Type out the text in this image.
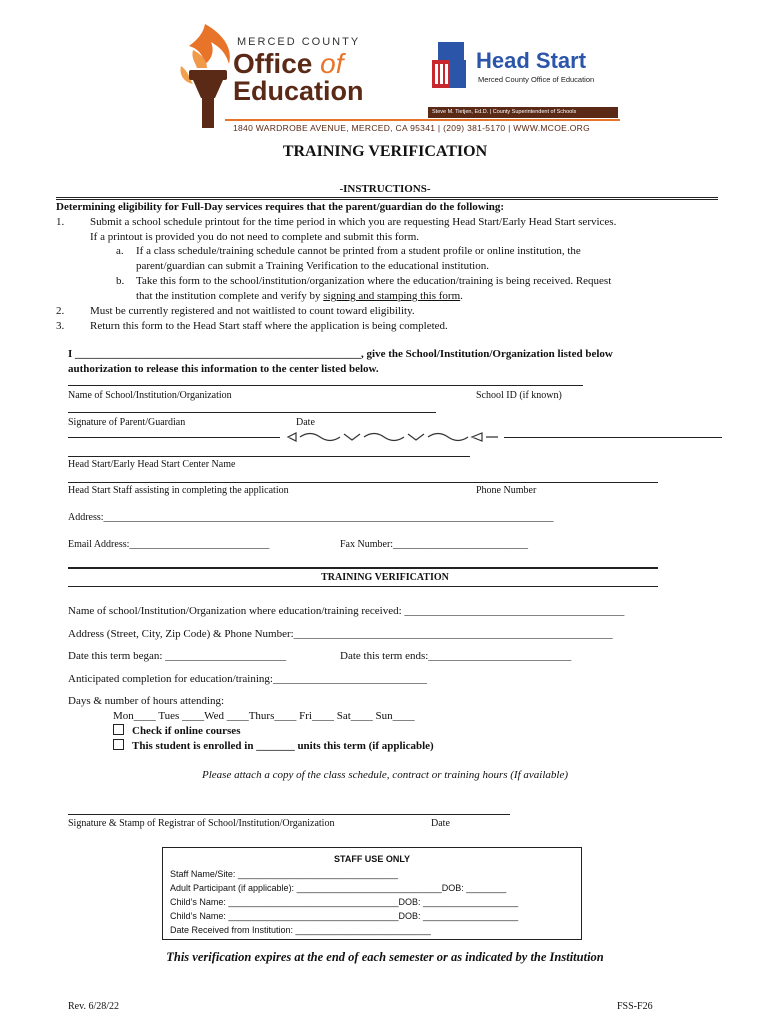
MERCED COUNTY
Office of
Education
Head Start
Merced County Office of Education
Steve M. Tietjen, Ed.D. | County Superintendent of Schools
1840 WARDROBE AVENUE, MERCED, CA 95341 | (209) 381-5170 | WWW.MCOE.ORG
TRAINING VERIFICATION
-INSTRUCTIONS-
Determining eligibility for Full-Day services requires that the parent/guardian do the following:
1. Submit a school schedule printout for the time period in which you are requesting Head Start/Early Head Start services.
If a printout is provided you do not need to complete and submit this form.
a. If a class schedule/training schedule cannot be printed from a student profile or online institution, the
parent/guardian can submit a Training Verification to the educational institution.
b. Take this form to the school/institution/organization where the education/training is being received. Request
that the institution complete and verify by signing and stamping this form.
2. Must be currently registered and not waitlisted to count toward eligibility.
3. Return this form to the Head Start staff where the application is being completed.
I ____________________________________________________, give the School/Institution/Organization listed below
authorization to release this information to the center listed below.
Name of School/Institution/Organization	School ID (if known)
Signature of Parent/Guardian	Date
Head Start/Early Head Start Center Name
Head Start Staff assisting in completing the application	Phone Number
Address:__________________________________________________________________________________________
Email Address:____________________________	Fax Number:___________________________
TRAINING VERIFICATION
Name of school/Institution/Organization where education/training received: ________________________________________
Address (Street, City, Zip Code) & Phone Number:__________________________________________________________
Date this term began: ______________________	Date this term ends:__________________________
Anticipated completion for education/training:____________________________
Days & number of hours attending:
Mon____ Tues ____Wed ____Thurs____ Fri____ Sat____ Sun____
Check if online courses
This student is enrolled in _______ units this term (if applicable)
Please attach a copy of the class schedule, contract or training hours (If available)
Signature & Stamp of Registrar of School/Institution/Organization	Date
STAFF USE ONLY
Staff Name/Site: ________________________________
Adult Participant (if applicable): _____________________________DOB: ________
Child’s Name: __________________________________DOB: ___________________
Child’s Name: __________________________________DOB: ___________________
Date Received from Institution: ___________________________
This verification expires at the end of each semester or as indicated by the Institution
Rev. 6/28/22	FSS-F26
